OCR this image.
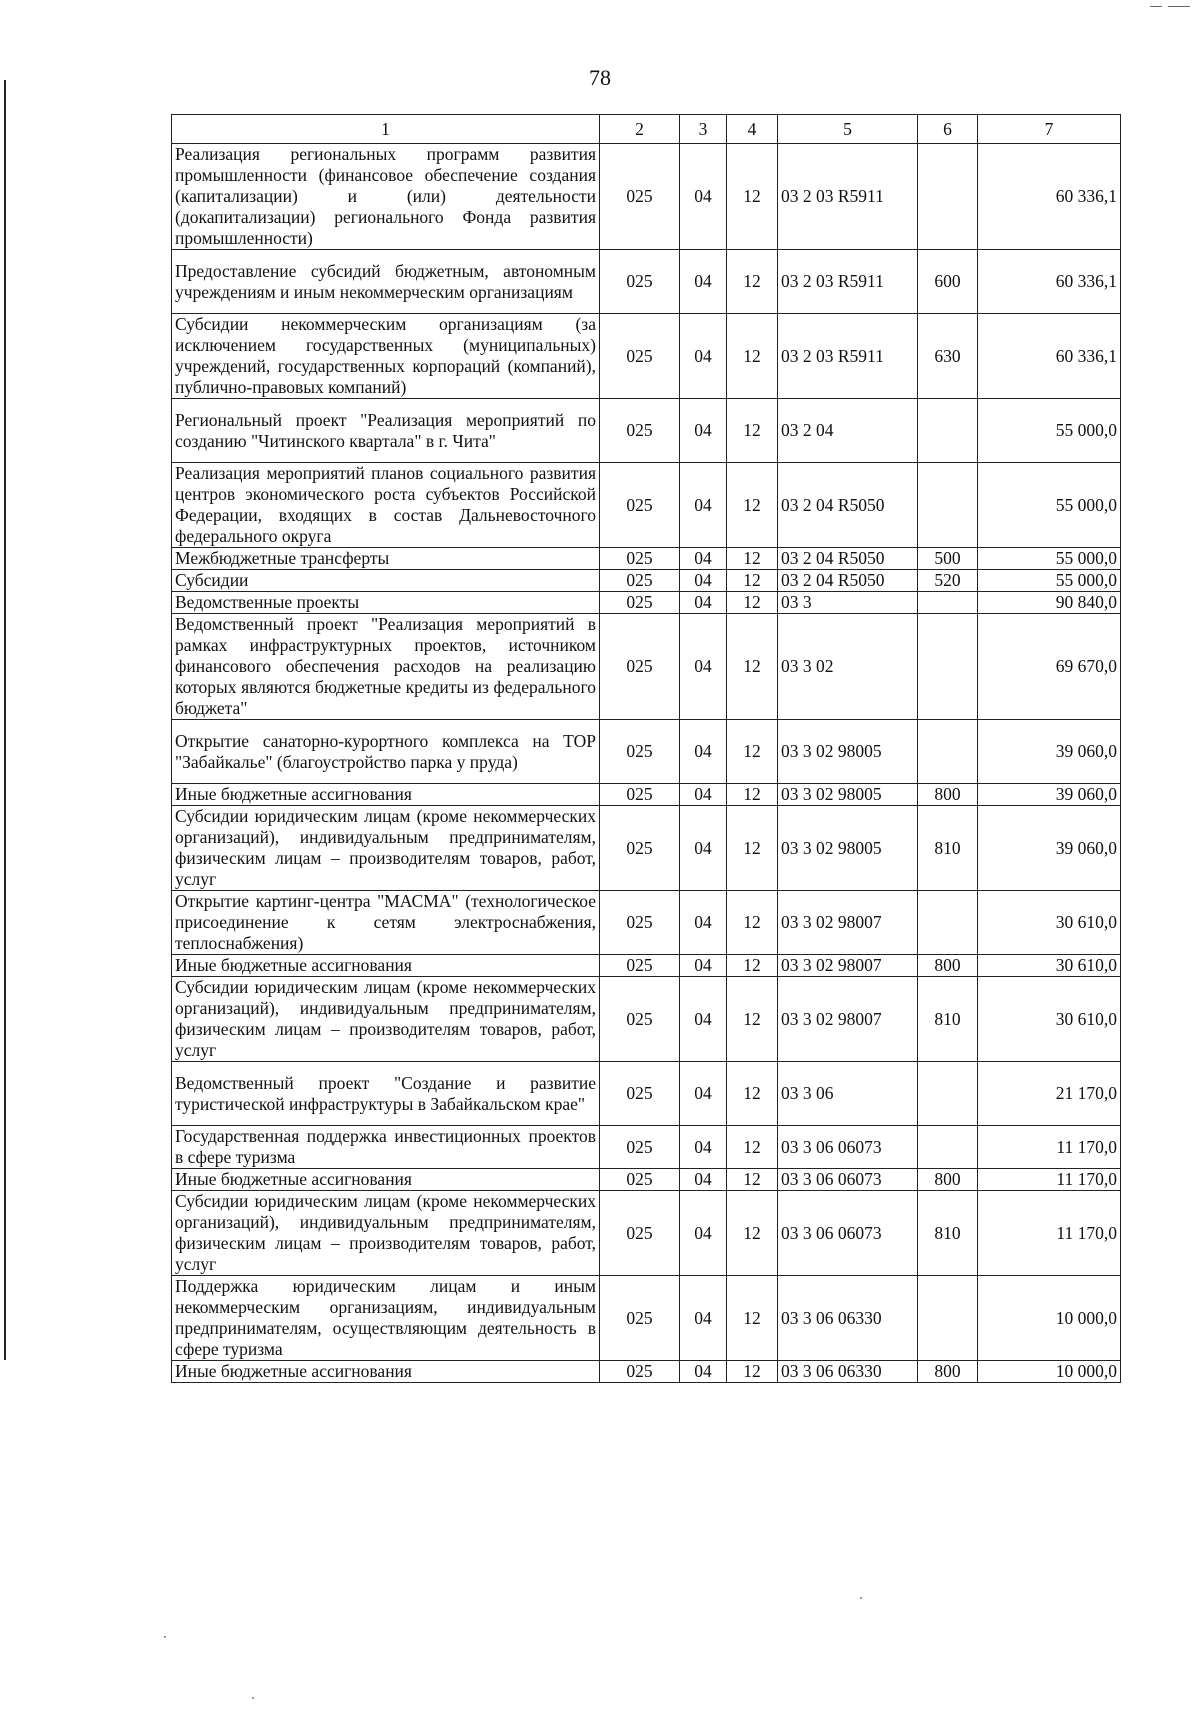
78
1	2	3	4	5	6	7
Реализация региональных программ развития промышленности (финансовое обеспечение создания (капитализации) и (или) деятельности (докапитализации) регионального Фонда развития промышленности)	025	04	12	03 2 03 R5911		60 336,1
Предоставление субсидий бюджетным, автономным учреждениям и иным некоммерческим организациям	025	04	12	03 2 03 R5911	600	60 336,1
Субсидии некоммерческим организациям (за исключением государственных (муниципальных) учреждений, государственных корпораций (компаний), публично-правовых компаний)	025	04	12	03 2 03 R5911	630	60 336,1
Региональный проект "Реализация мероприятий по созданию "Читинского квартала" в г. Чита"	025	04	12	03 2 04		55 000,0
Реализация мероприятий планов социального развития центров экономического роста субъектов Российской Федерации, входящих в состав Дальневосточного федерального округа	025	04	12	03 2 04 R5050		55 000,0
Межбюджетные трансферты	025	04	12	03 2 04 R5050	500	55 000,0
Субсидии	025	04	12	03 2 04 R5050	520	55 000,0
Ведомственные проекты	025	04	12	03 3		90 840,0
Ведомственный проект "Реализация мероприятий в рамках инфраструктурных проектов, источником финансового обеспечения расходов на реализацию которых являются бюджетные кредиты из федерального бюджета"	025	04	12	03 3 02		69 670,0
Открытие санаторно-курортного комплекса на ТОР "Забайкалье" (благоустройство парка у пруда)	025	04	12	03 3 02 98005		39 060,0
Иные бюджетные ассигнования	025	04	12	03 3 02 98005	800	39 060,0
Субсидии юридическим лицам (кроме некоммерческих организаций), индивидуальным предпринимателям, физическим лицам – производителям товаров, работ, услуг	025	04	12	03 3 02 98005	810	39 060,0
Открытие картинг-центра "МАСМА" (технологическое присоединение к сетям электроснабжения, теплоснабжения)	025	04	12	03 3 02 98007		30 610,0
Иные бюджетные ассигнования	025	04	12	03 3 02 98007	800	30 610,0
Субсидии юридическим лицам (кроме некоммерческих организаций), индивидуальным предпринимателям, физическим лицам – производителям товаров, работ, услуг	025	04	12	03 3 02 98007	810	30 610,0
Ведомственный проект "Создание и развитие туристической инфраструктуры в Забайкальском крае"	025	04	12	03 3 06		21 170,0
Государственная поддержка инвестиционных проектов в сфере туризма	025	04	12	03 3 06 06073		11 170,0
Иные бюджетные ассигнования	025	04	12	03 3 06 06073	800	11 170,0
Субсидии юридическим лицам (кроме некоммерческих организаций), индивидуальным предпринимателям, физическим лицам – производителям товаров, работ, услуг	025	04	12	03 3 06 06073	810	11 170,0
Поддержка юридическим лицам и иным некоммерческим организациям, индивидуальным предпринимателям, осуществляющим деятельность в сфере туризма	025	04	12	03 3 06 06330		10 000,0
Иные бюджетные ассигнования	025	04	12	03 3 06 06330	800	10 000,0
